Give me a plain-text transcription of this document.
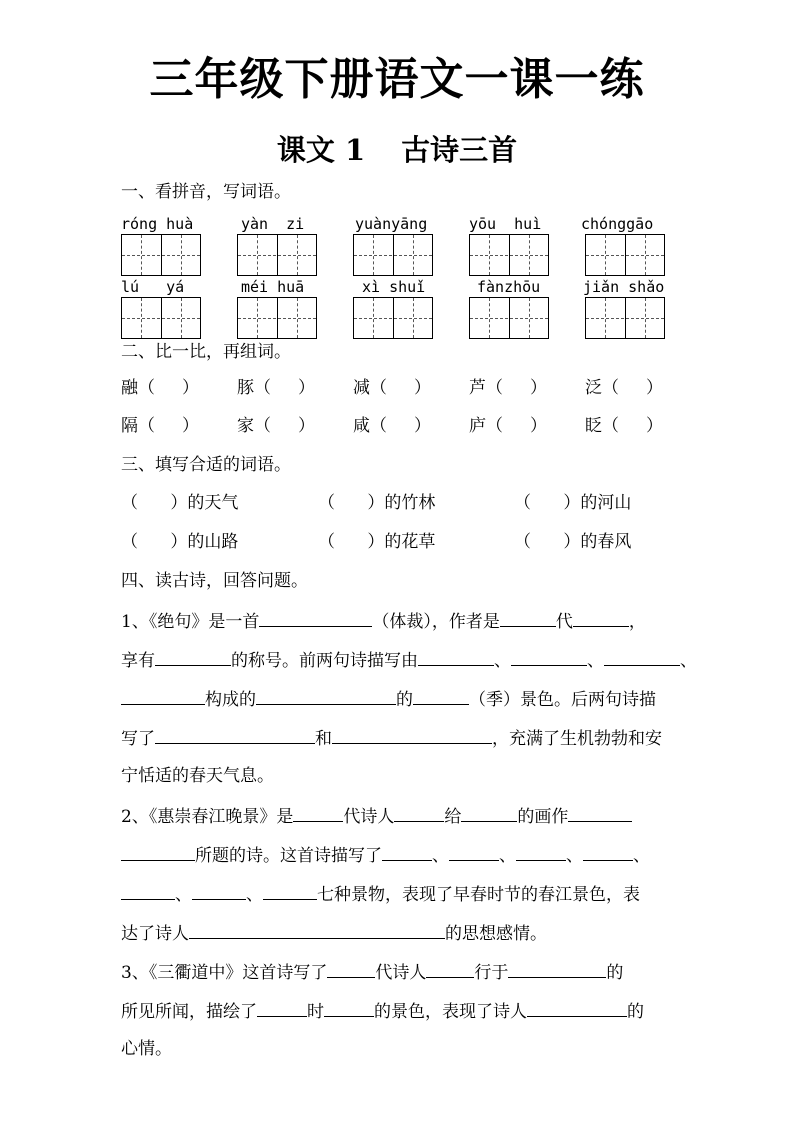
三年级下册语文一课一练
课文 1 古诗三首
一、看拼音，写词语。
róng huà	yàn  zi	yuànyāng	yōu  huì	chónggāo
lú   yá	méi huā	xì shuǐ	fànzhōu	jiǎn shǎo
二、比一比，再组词。
融（     ） 豚（     ） 减（     ） 芦（     ） 泛（     ）
隔（     ） 家（     ） 咸（     ） 庐（     ） 眨（     ）
三、填写合适的词语。
（      ）的天气	（      ）的竹林	（      ）的河山
（      ）的山路	（      ）的花草	（      ）的春风
四、读古诗，回答问题。
1、《绝句》是一首	（体裁），作者是	代	，
享有	的称号。前两句诗描写由	、	、	、
构成的	的	（季）景色。后两句诗描
写了	和	，充满了生机勃勃和安
宁恬适的春天气息。
2、《惠崇春江晚景》是	代诗人	给	的画作
所题的诗。这首诗描写了	、	、	、	、
、	、	七种景物，表现了早春时节的春江景色，表
达了诗人	的思想感情。
3、《三衢道中》这首诗写了	代诗人	行于	的
所见所闻，描绘了	时	的景色，表现了诗人	的
心情。
